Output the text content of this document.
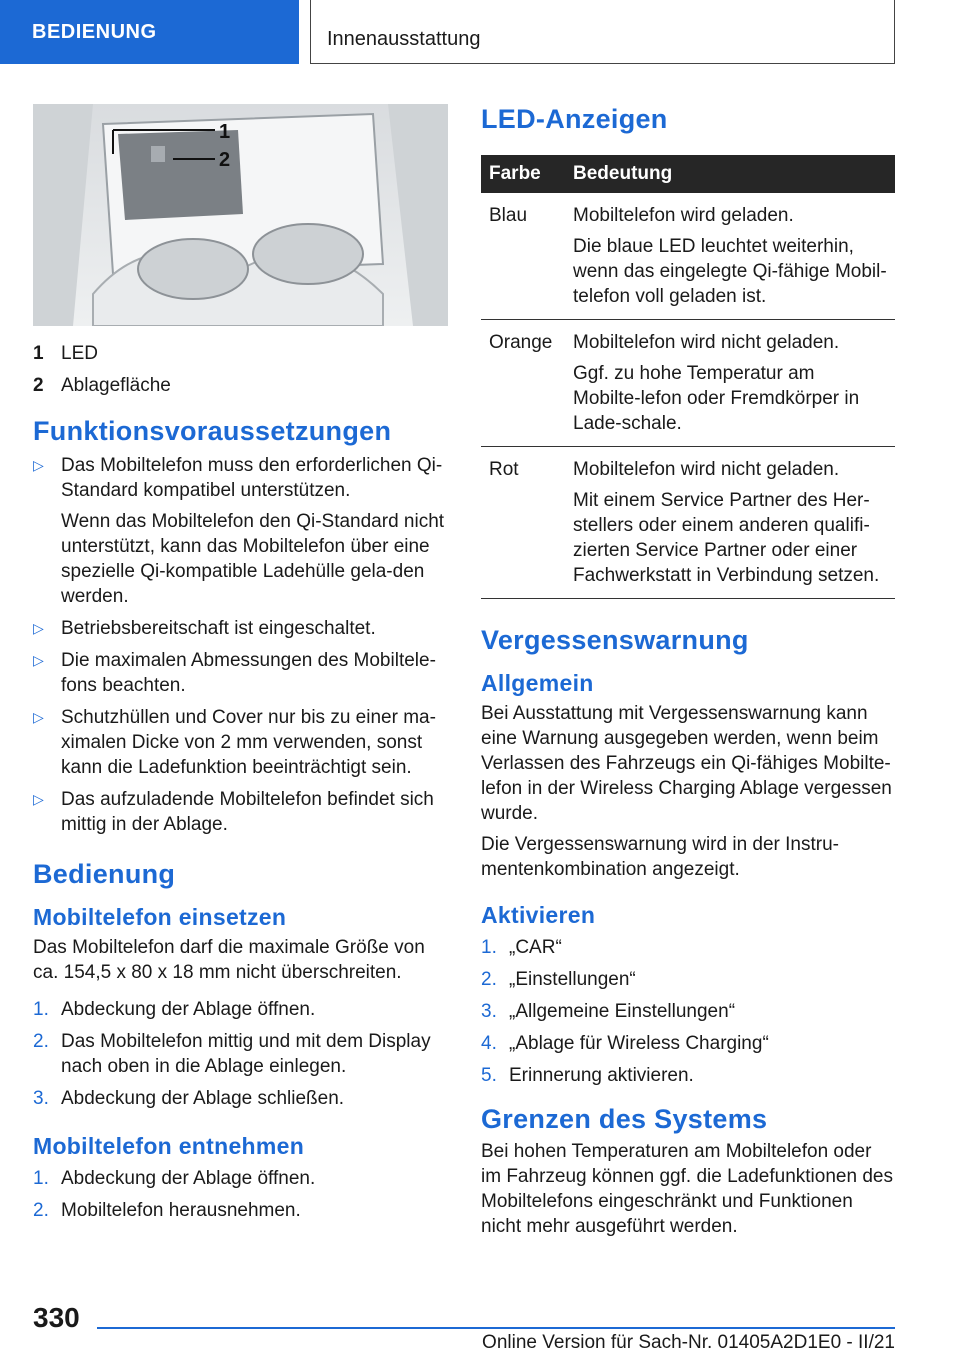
BEDIENUNG	Innenausstattung
1
2
1 LED
2 Ablagefläche
Funktionsvoraussetzungen
▷ Das Mobiltelefon muss den erforderlichen Qi-Standard kompatibel unterstützen.
Wenn das Mobiltelefon den Qi-Standard nicht unterstützt, kann das Mobiltelefon über eine spezielle Qi-kompatible Ladehülle gela-den werden.
▷ Betriebsbereitschaft ist eingeschaltet.
▷ Die maximalen Abmessungen des Mobiltele-fons beachten.
▷ Schutzhüllen und Cover nur bis zu einer ma-ximalen Dicke von 2 mm verwenden, sonst kann die Ladefunktion beeinträchtigt sein.
▷ Das aufzuladende Mobiltelefon befindet sich mittig in der Ablage.
Bedienung
Mobiltelefon einsetzen

Das Mobiltelefon darf die maximale Größe von ca. 154,5 x 80 x 18 mm nicht überschreiten.

1. Abdeckung der Ablage öffnen.
2. Das Mobiltelefon mittig und mit dem Display nach oben in die Ablage einlegen.
3. Abdeckung der Ablage schließen.
Mobiltelefon entnehmen
1. Abdeckung der Ablage öffnen.
2. Mobiltelefon herausnehmen.
LED-Anzeigen
Farbe	Bedeutung
Blau	Mobiltelefon wird geladen.
Die blaue LED leuchtet weiterhin, wenn das eingelegte Qi-fähige Mobil-telefon voll geladen ist.

Orange	Mobiltelefon wird nicht geladen.
Ggf. zu hohe Temperatur am Mobilte-lefon oder Fremdkörper in Lade-schale.

Rot	Mobiltelefon wird nicht geladen.
Mit einem Service Partner des Her-stellers oder einem anderen qualifi-zierten Service Partner oder einer Fachwerkstatt in Verbindung setzen.
Vergessenswarnung
Allgemein

Bei Ausstattung mit Vergessenswarnung kann eine Warnung ausgegeben werden, wenn beim Verlassen des Fahrzeugs ein Qi-fähiges Mobilte-lefon in der Wireless Charging Ablage vergessen wurde.

Die Vergessenswarnung wird in der Instru-mentenkombination angezeigt.

Aktivieren
1. „CAR“
2. „Einstellungen“
3. „Allgemeine Einstellungen“
4. „Ablage für Wireless Charging“
5. Erinnerung aktivieren.
Grenzen des Systems

Bei hohen Temperaturen am Mobiltelefon oder im Fahrzeug können ggf. die Ladefunktionen des Mobiltelefons eingeschränkt und Funktionen nicht mehr ausgeführt werden.

330
Online Version für Sach-Nr. 01405A2D1E0 - II/21
